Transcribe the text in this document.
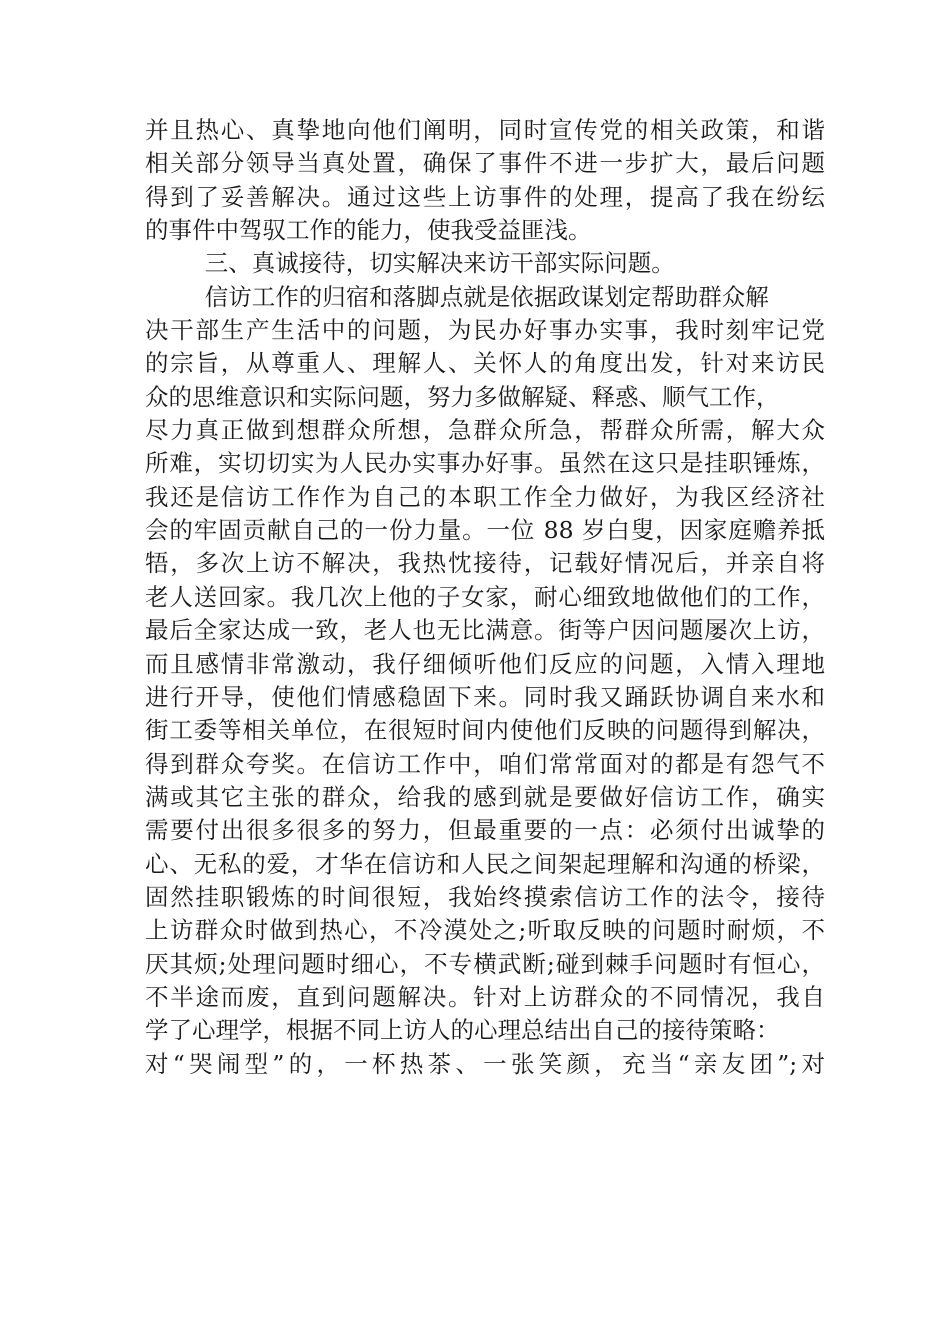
并且热心、真挚地向他们阐明，同时宣传党的相关政策，和谐
相关部分领导当真处置，确保了事件不进一步扩大，最后问题
得到了妥善解决。通过这些上访事件的处理，提高了我在纷纭
的事件中驾驭工作的能力，使我受益匪浅。
三、真诚接待，切实解决来访干部实际问题。
信访工作的归宿和落脚点就是依据政谋划定帮助群众解
决干部生产生活中的问题，为民办好事办实事，我时刻牢记党
的宗旨，从尊重人、理解人、关怀人的角度出发，针对来访民
众的思维意识和实际问题，努力多做解疑、释惑、顺气工作，
尽力真正做到想群众所想，急群众所急，帮群众所需，解大众
所难，实切切实为人民办实事办好事。虽然在这只是挂职锤炼，
我还是信访工作作为自己的本职工作全力做好，为我区经济社
会的牢固贡献自己的一份力量。一位 88 岁白叟，因家庭赡养抵
牾，多次上访不解决，我热忱接待，记载好情况后，并亲自将
老人送回家。我几次上他的子女家，耐心细致地做他们的工作，
最后全家达成一致，老人也无比满意。街等户因问题屡次上访，
而且感情非常激动，我仔细倾听他们反应的问题，入情入理地
进行开导，使他们情感稳固下来。同时我又踊跃协调自来水和
街工委等相关单位，在很短时间内使他们反映的问题得到解决，
得到群众夸奖。在信访工作中，咱们常常面对的都是有怨气不
满或其它主张的群众，给我的感到就是要做好信访工作，确实
需要付出很多很多的努力，但最重要的一点：必须付出诚挚的
心、无私的爱，才华在信访和人民之间架起理解和沟通的桥梁，
固然挂职锻炼的时间很短，我始终摸索信访工作的法令，接待
上访群众时做到热心，不冷漠处之;听取反映的问题时耐烦，不
厌其烦;处理问题时细心，不专横武断;碰到棘手问题时有恒心，
不半途而废，直到问题解决。针对上访群众的不同情况，我自
学了心理学，根据不同上访人的心理总结出自己的接待策略：
对“哭闹型”的，一杯热茶、一张笑颜，充当“亲友团”;对
